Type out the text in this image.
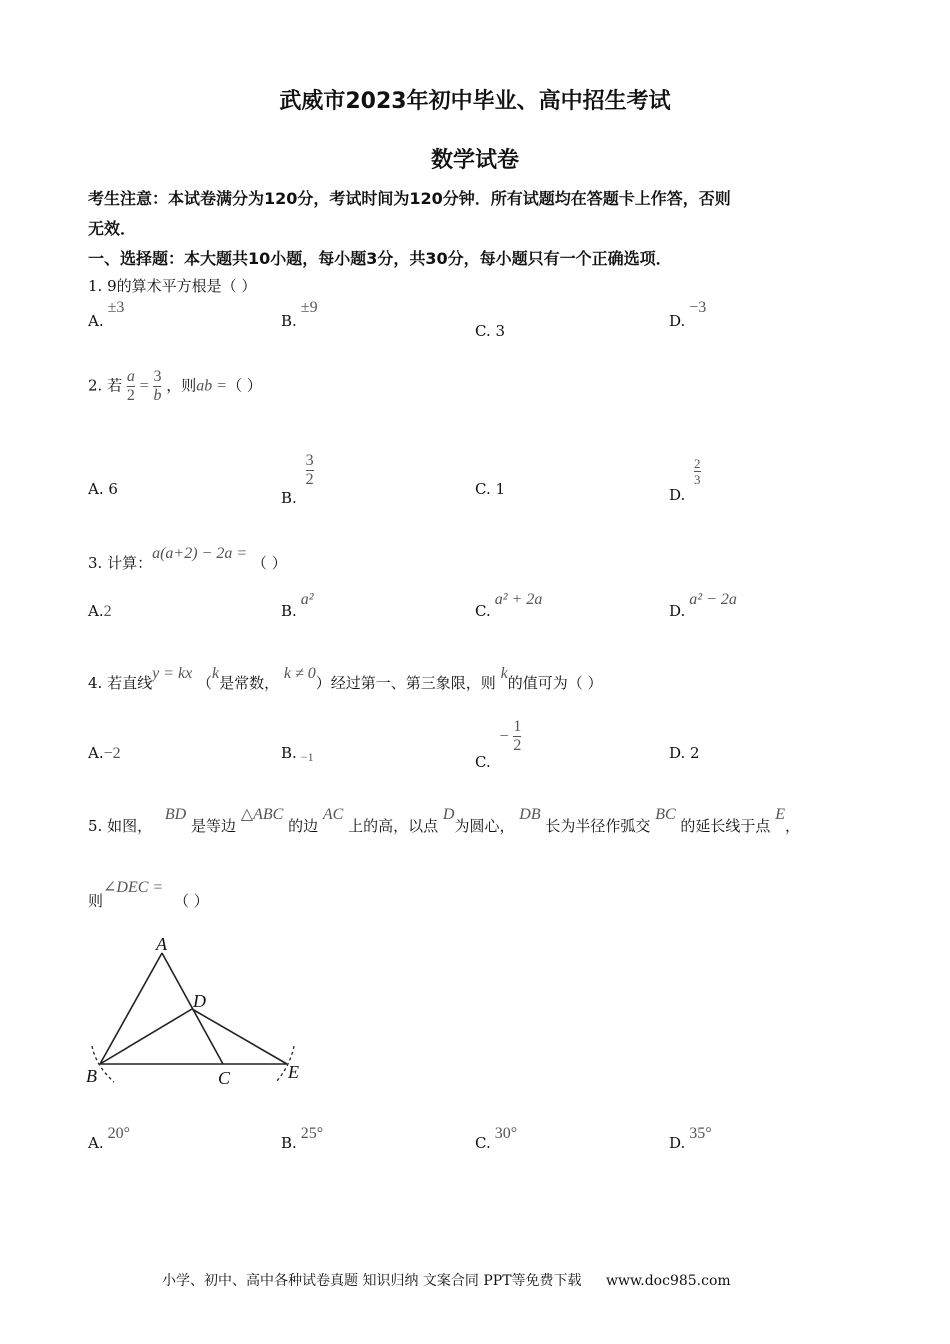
武威市2023年初中毕业、高中招生考试
数学试卷
考生注意：本试卷满分为120分，考试时间为120分钟．所有试题均在答题卡上作答，否则
无效．
一、选择题：本大题共10小题，每小题3分，共30分，每小题只有一个正确选项．
1. 9的算术平方根是（ ）
A.±3
B.±9
C. 3
D.−3
2. 若 $\frac{a}{2} = \frac{3}{b}$ ，则ab =（ ）
A. 6	B.
$\frac{3}{2}$	C. 1	D.
$\frac{2}{3}$
3. 计算：a(a+2) − 2a = （ ）
A.2	B.a²
C.a² + 2a
D.a² − 2a
4. 若直线y = kx （k是常数， k ≠ 0）经过第一、第三象限，则 k的值可为（ ）
A.−2	B. $_{-1}$	C. − $\frac{1}{2}$	D. 2
5. 如图， BD 是等边 △ABC 的边 AC 上的高，以点 D为圆心， DB 长为半径作弧交 BC 的延长线于点 E，
则∠DEC = （ ）
A
D
B	C	E
A.20°
B.25°
C.30°
D.35°
小学、初中、高中各种试卷真题 知识归纳 文案合同 PPT等免费下载 www.doc985.com
